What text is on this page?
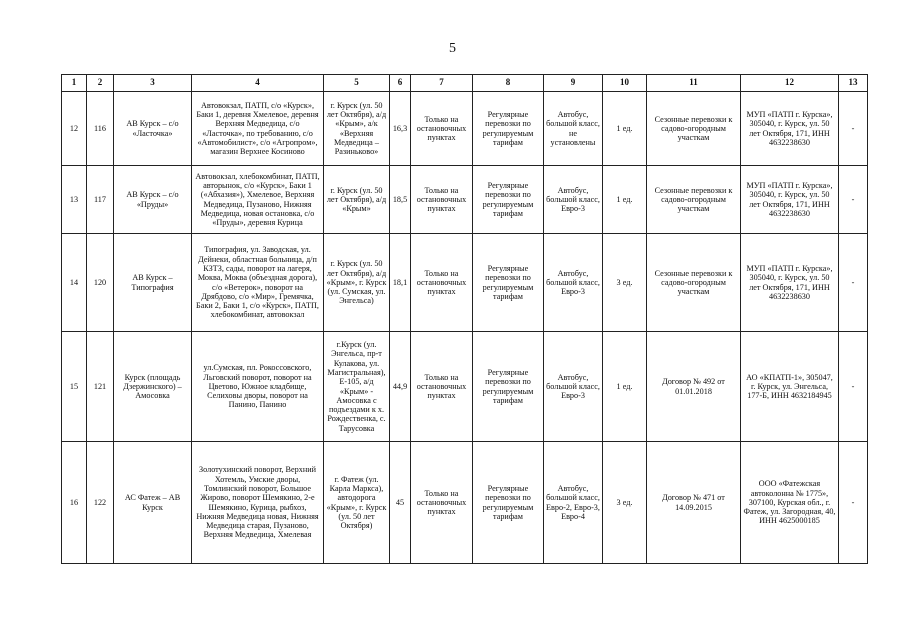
5
1	2	3	4	5	6	7	8	9	10	11	12	13
12	116	АВ Курск – с/о «Ласточка»	Автовокзал, ПАТП, с/о «Курск», Баки 1, деревня Хмелевое, деревня Верхняя Медведица, с/о «Ласточка», по требованию, с/о «Автомобилист», с/о «Агропром», магазин Верхнее Косиново	г. Курск (ул. 50 лет Октября), а/д «Крым», а/к «Верхняя Медведица – Разиньково»	16,3	Только на остановочных пунктах	Регулярные перевозки по регулируемым тарифам	Автобус, большой класс, не установлены	1 ед.	Сезонные перевозки к садово-огородным участкам	МУП «ПАТП г. Курска», 305040, г. Курск, ул. 50 лет Октября, 171, ИНН 4632238630	-
13	117	АВ Курск – с/о «Пруды»	Автовокзал, хлебокомбинат, ПАТП, авторынок, с/о «Курск», Баки 1 («Абхазия»), Хмелевое, Верхняя Медведица, Пузаново, Нижняя Медведица, новая остановка, с/о «Пруды», деревня Курица	г. Курск (ул. 50 лет Октября), а/д «Крым»	18,5	Только на остановочных пунктах	Регулярные перевозки по регулируемым тарифам	Автобус, большой класс, Евро-3	1 ед.	Сезонные перевозки к садово-огородным участкам	МУП «ПАТП г. Курска», 305040, г. Курск, ул. 50 лет Октября, 171, ИНН 4632238630	-
14	120	АВ Курск – Типография	Типография, ул. Заводская, ул. Дейнеки, областная больница, д/п КЗТЗ, сады, поворот на лагеря, Моква, Моква (объездная дорога), с/о «Ветерок», поворот на Дрябдово, с/о «Мир», Гремячка, Баки 2, Баки 1, с/о «Курск», ПАТП, хлебокомбинат, автовокзал	г. Курск (ул. 50 лет Октября), а/д «Крым», г. Курск (ул. Сумская, ул. Энгельса)	18,1	Только на остановочных пунктах	Регулярные перевозки по регулируемым тарифам	Автобус, большой класс, Евро-3	3 ед.	Сезонные перевозки к садово-огородным участкам	МУП «ПАТП г. Курска», 305040, г. Курск, ул. 50 лет Октября, 171, ИНН 4632238630	-
15	121	Курск (площадь Дзержинского) – Амосовка	ул.Сумская, пл. Рокоссовского, Льговский поворот, поворот на Цветово, Южное кладбище, Селиховы дворы, поворот на Панино, Панино	г.Курск (ул. Энгельса, пр-т Кулакова, ул. Магистральная), Е-105, а/д «Крым» - Амосовка с подъездами к х. Рождественка, с. Тарусовка	44,9	Только на остановочных пунктах	Регулярные перевозки по регулируемым тарифам	Автобус, большой класс, Евро-3	1 ед.	Договор № 492 от 01.01.2018	АО «КПАТП-1», 305047, г. Курск, ул. Энгельса, 177-Б, ИНН 4632184945	-
16	122	АС Фатеж – АВ Курск	Золотухинский поворот, Верхний Хотемль, Умские дворы, Томлинский поворот, Большое Жирово, поворот Шемякино, 2-е Шемякино, Курица, рыбхоз, Нижняя Медведица новая, Нижняя Медведица старая, Пузаново, Верхняя Медведица, Хмелевая	г. Фатеж (ул. Карла Маркса), автодорога «Крым», г. Курск (ул. 50 лет Октября)	45	Только на остановочных пунктах	Регулярные перевозки по регулируемым тарифам	Автобус, большой класс, Евро-2, Евро-3, Евро-4	3 ед.	Договор № 471 от 14.09.2015	ООО «Фатежская автоколонна № 1775», 307100, Курская обл., г. Фатеж, ул. Загородная, 40, ИНН 4625000185	-
